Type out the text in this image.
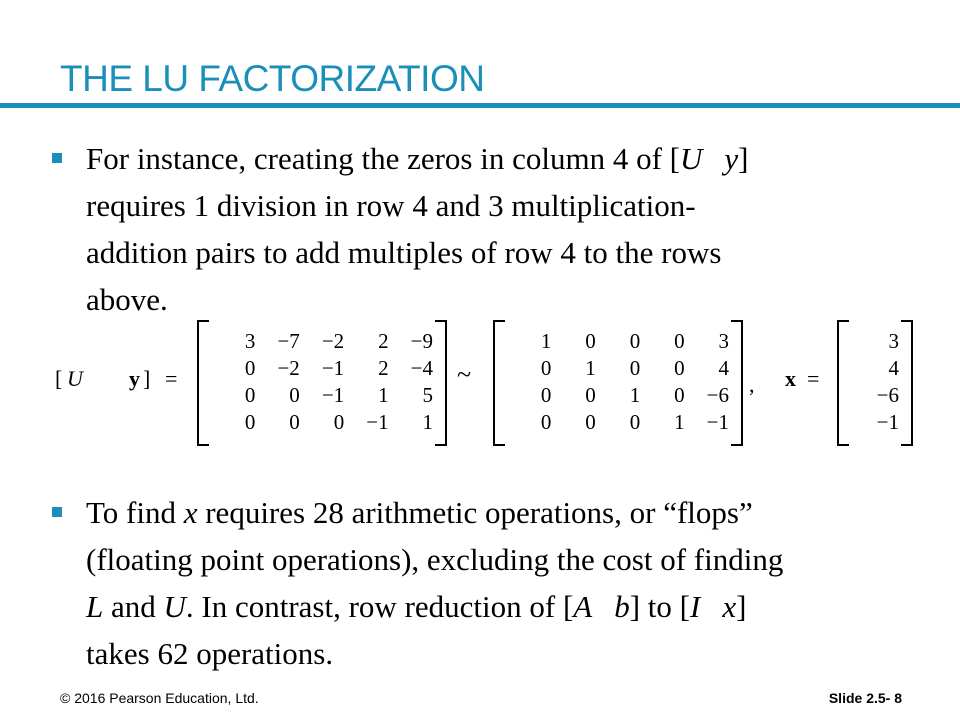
THE LU FACTORIZATION
For instance, creating the zeros in column 4 of [U y]
requires 1 division in row 4 and 3 multiplication-
addition pairs to add multiples of row 4 to the rows
above.
[ U y ] =
3	−7	−2	2	−9
0	−2	−1	2	−4
0	0	−1	1	5
0	0	0	−1	1
~
1	0	0	0	3
0	1	0	0	4
0	0	1	0	−6
0	0	0	1	−1
, x =
3
4
−6
−1
To find x requires 28 arithmetic operations, or “flops”
(floating point operations), excluding the cost of finding
L and U. In contrast, row reduction of [A b] to [I x]
takes 62 operations.
© 2016 Pearson Education, Ltd.	Slide 2.5- 8
